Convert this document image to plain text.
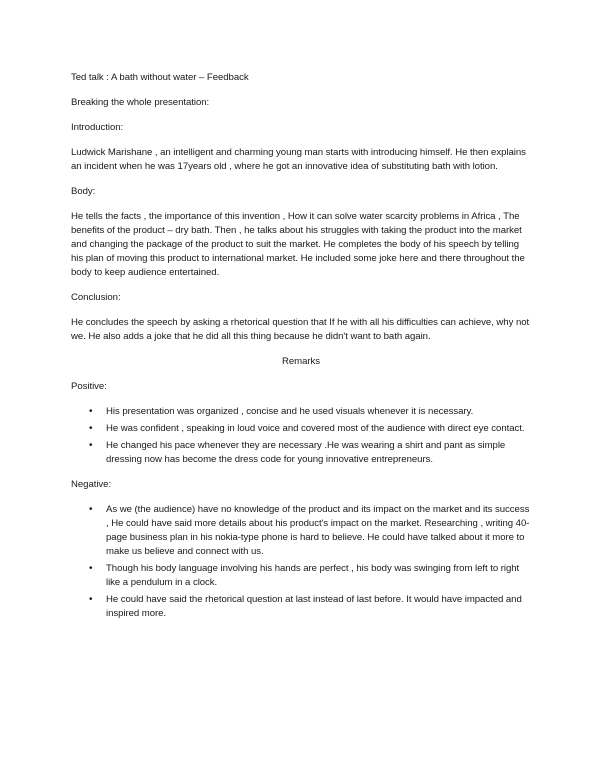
Ted talk : A bath without water – Feedback

Breaking the whole presentation:

Introduction:

Ludwick Marishane , an intelligent and charming young man starts with introducing himself. He then explains an incident when he was 17years old , where he got an innovative idea of substituting bath with lotion.

Body:

He tells the facts , the importance of this invention , How it can solve water scarcity problems in Africa , The benefits of the product – dry bath. Then , he talks about his struggles with taking the product into the market and changing the package of the product to suit the market. He completes the body of his speech by telling his plan of moving this product to international market. He included some joke here and there throughout the body to keep audience entertained.

Conclusion:

He concludes the speech by asking a rhetorical question that If he with all his difficulties can achieve, why not we. He also adds a joke that he did all this thing because he didn't want to bath again.

Remarks

Positive:

• His presentation was organized , concise and he used visuals whenever it is necessary.
• He was confident , speaking in loud voice and covered most of the audience with direct eye contact.
• He changed his pace whenever they are necessary .He was wearing a shirt and pant as simple dressing now has become the dress code for young innovative entrepreneurs.

Negative:

• As we (the audience) have no knowledge of the product and its impact on the market and its success , He could have said more details about his product's impact on the market. Researching , writing 40-page business plan in his nokia-type phone is hard to believe. He could have talked about it more to make us believe and connect with us.
• Though his body language involving his hands are perfect , his body was swinging from left to right like a pendulum in a clock.
• He could have said the rhetorical question at last instead of last before. It would have impacted and inspired more.
